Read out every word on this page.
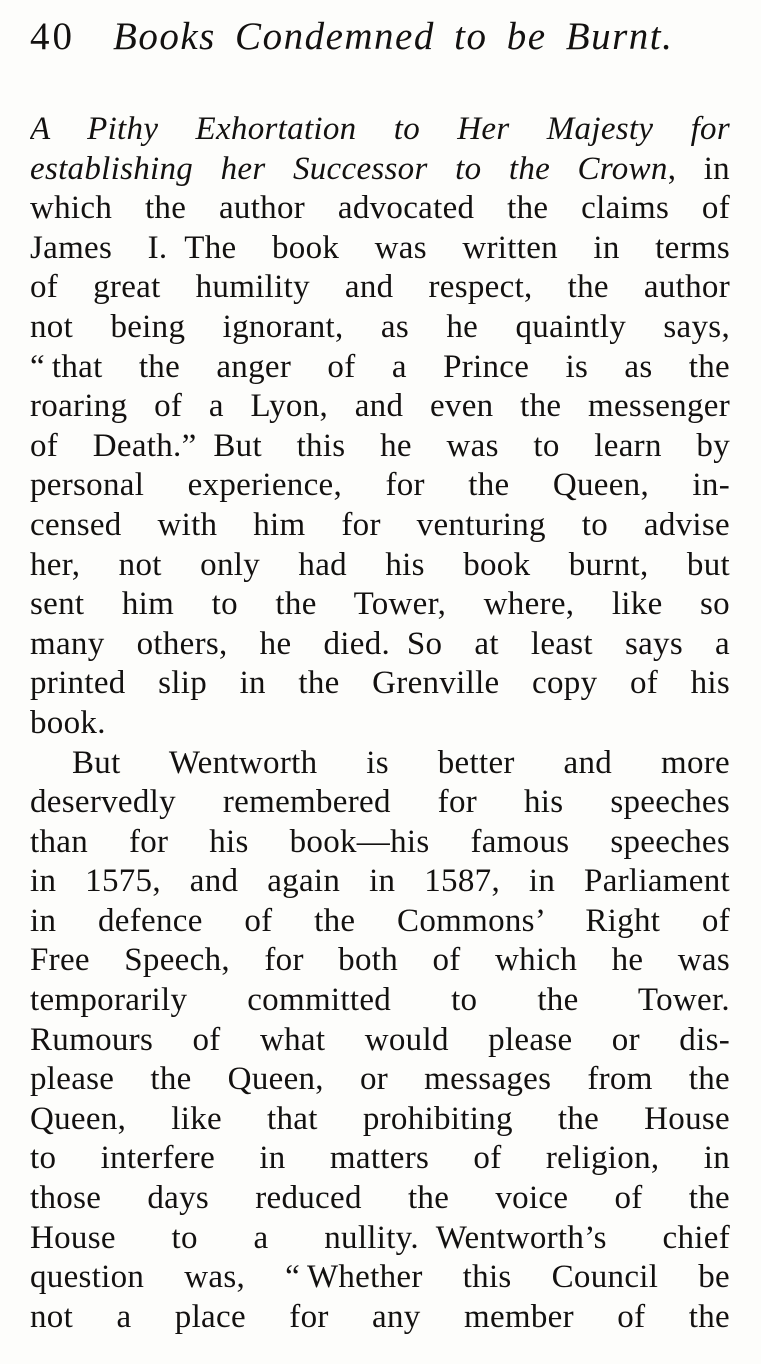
40 Books Condemned to be Burnt.
A Pithy Exhortation to Her Majesty for
establishing her Successor to the Crown, in
which the author advocated the claims of
James I. The book was written in terms
of great humility and respect, the author
not being ignorant, as he quaintly says,
“ that the anger of a Prince is as the
roaring of a Lyon, and even the messenger
of Death.” But this he was to learn by
personal experience, for the Queen, in-
censed with him for venturing to advise
her, not only had his book burnt, but
sent him to the Tower, where, like so
many others, he died. So at least says a
printed slip in the Grenville copy of his
book.
But Wentworth is better and more
deservedly remembered for his speeches
than for his book—his famous speeches
in 1575, and again in 1587, in Parliament
in defence of the Commons’ Right of
Free Speech, for both of which he was
temporarily committed to the Tower.
Rumours of what would please or dis-
please the Queen, or messages from the
Queen, like that prohibiting the House
to interfere in matters of religion, in
those days reduced the voice of the
House to a nullity. Wentworth’s chief
question was, “ Whether this Council be
not a place for any member of the
